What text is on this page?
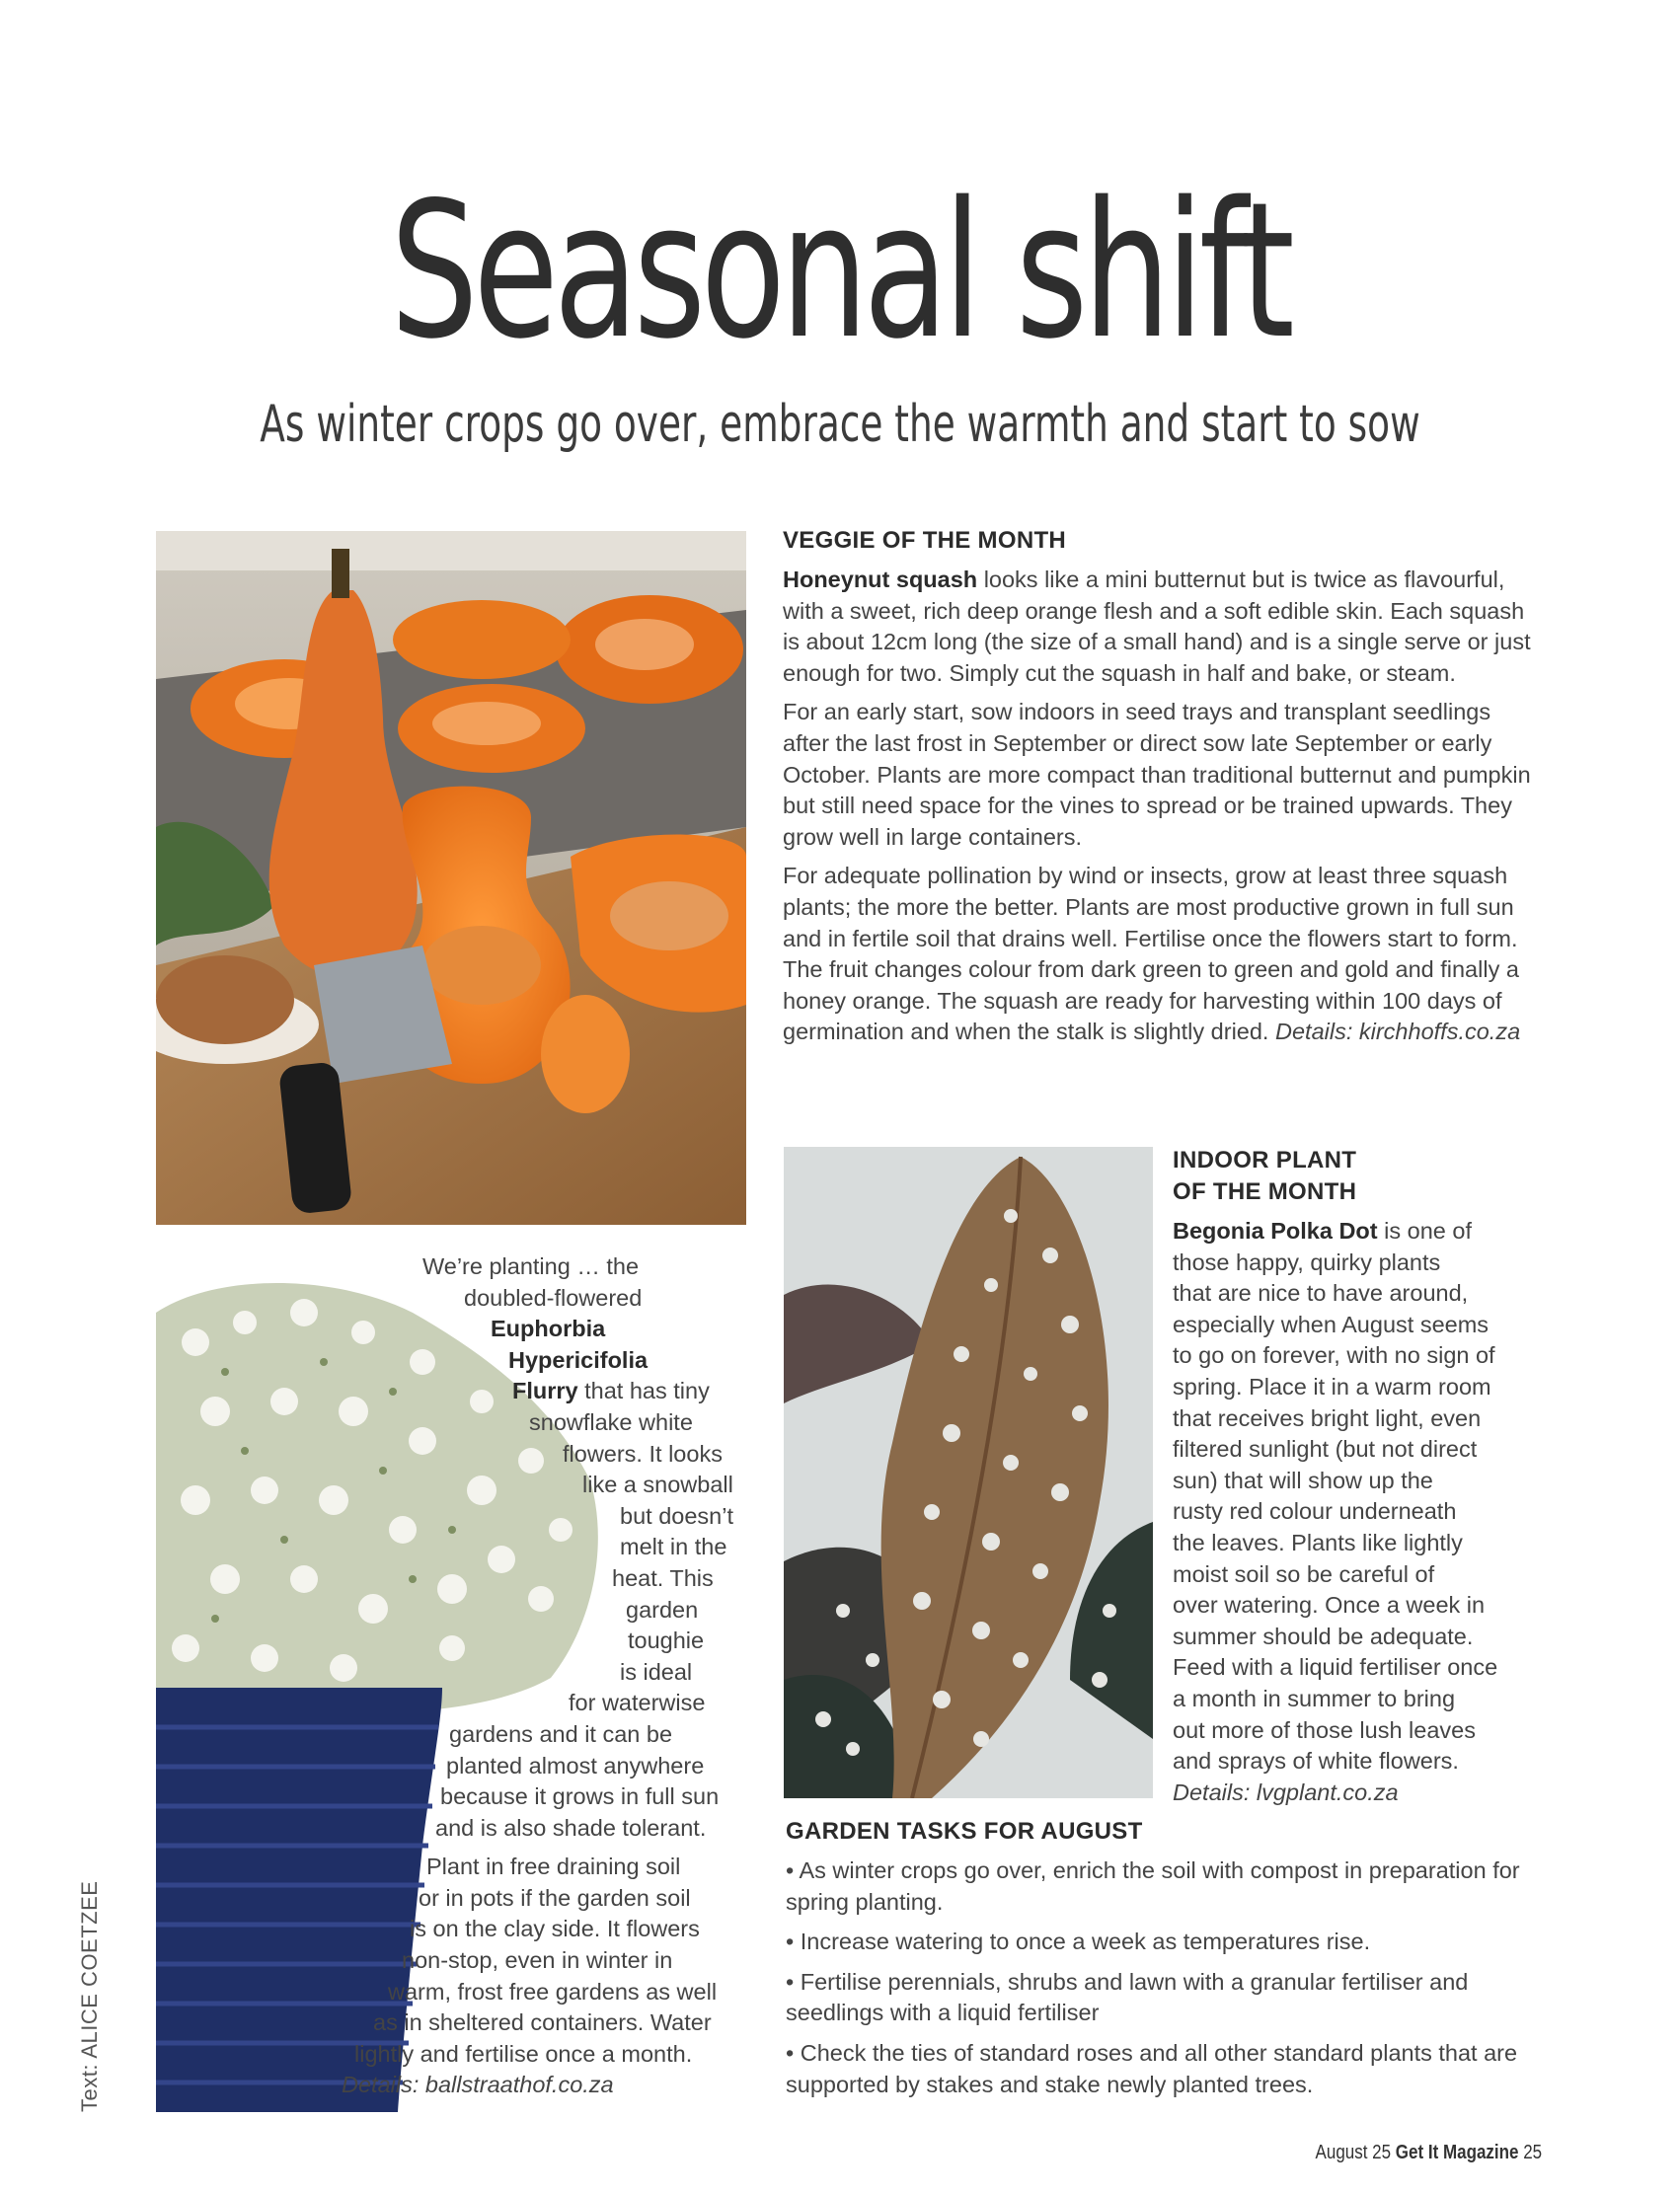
Seasonal shift
As winter crops go over, embrace the warmth and start to sow
VEGGIE OF THE MONTH

Honeynut squash looks like a mini butternut but is twice as flavourful, with a sweet, rich deep orange flesh and a soft edible skin. Each squash is about 12cm long (the size of a small hand) and is a single serve or just enough for two. Simply cut the squash in half and bake, or steam.

For an early start, sow indoors in seed trays and transplant seedlings after the last frost in September or direct sow late September or early October. Plants are more compact than traditional butternut and pumpkin but still need space for the vines to spread or be trained upwards. They grow well in large containers.

For adequate pollination by wind or insects, grow at least three squash plants; the more the better. Plants are most productive grown in full sun and in fertile soil that drains well. Fertilise once the flowers start to form. The fruit changes colour from dark green to green and gold and finally a honey orange. The squash are ready for harvesting within 100 days of germination and when the stalk is slightly dried. Details: kirchhoffs.co.za

INDOOR PLANT
OF THE MONTH
Begonia Polka Dot is one of
those happy, quirky plants
that are nice to have around,
especially when August seems
to go on forever, with no sign of
spring. Place it in a warm room
that receives bright light, even
filtered sunlight (but not direct
sun) that will show up the
rusty red colour underneath
the leaves. Plants like lightly
moist soil so be careful of
over watering. Once a week in
summer should be adequate.
Feed with a liquid fertiliser once
a month in summer to bring
out more of those lush leaves
and sprays of white flowers.
Details: lvgplant.co.za
We’re planting … the
doubled-flowered
Euphorbia
Hypericifolia
Flurry that has tiny
snowflake white
flowers. It looks
like a snowball
but doesn’t
melt in the
heat. This
garden
toughie
is ideal
for waterwise
gardens and it can be
planted almost anywhere
because it grows in full sun
and is also shade tolerant.
Plant in free draining soil
or in pots if the garden soil
is on the clay side. It flowers
non-stop, even in winter in
warm, frost free gardens as well
as in sheltered containers. Water
lightly and fertilise once a month.
Details: ballstraathof.co.za
GARDEN TASKS FOR AUGUST

• As winter crops go over, enrich the soil with compost in preparation for spring planting.

• Increase watering to once a week as temperatures rise.

• Fertilise perennials, shrubs and lawn with a granular fertiliser and seedlings with a liquid fertiliser

• Check the ties of standard roses and all other standard plants that are supported by stakes and stake newly planted trees.

Text: ALICE COETZEE
August 25 Get It Magazine 25
